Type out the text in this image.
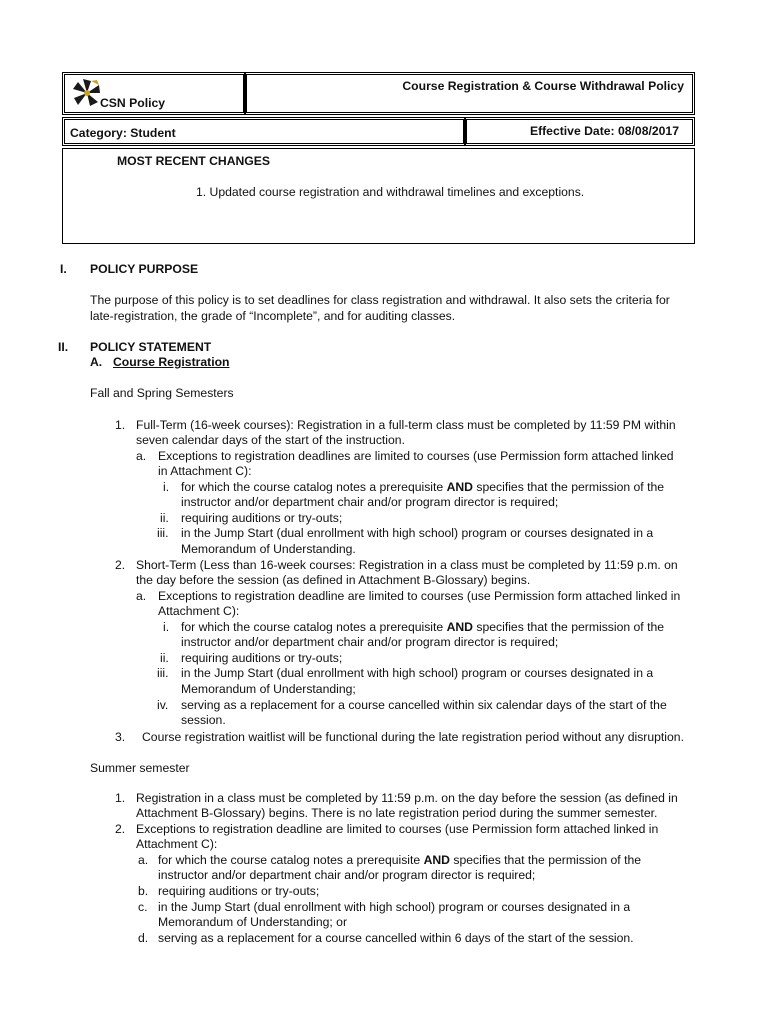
CSN Policy
Course Registration & Course Withdrawal Policy
Category: Student	Effective Date: 08/08/2017
MOST RECENT CHANGES
1. Updated course registration and withdrawal timelines and exceptions.
I. POLICY PURPOSE
The purpose of this policy is to set deadlines for class registration and withdrawal. It also sets the criteria for
late-registration, the grade of “Incomplete”, and for auditing classes.
II. POLICY STATEMENT
A. Course Registration
Fall and Spring Semesters
1. Full-Term (16-week courses): Registration in a full-term class must be completed by 11:59 PM within
seven calendar days of the start of the instruction.
a. Exceptions to registration deadlines are limited to courses (use Permission form attached linked
in Attachment C):
i. for which the course catalog notes a prerequisite AND specifies that the permission of the
instructor and/or department chair and/or program director is required;
ii. requiring auditions or try-outs;
iii. in the Jump Start (dual enrollment with high school) program or courses designated in a
Memorandum of Understanding.
2. Short-Term (Less than 16-week courses: Registration in a class must be completed by 11:59 p.m. on
the day before the session (as defined in Attachment B-Glossary) begins.
a. Exceptions to registration deadline are limited to courses (use Permission form attached linked in
Attachment C):
i. for which the course catalog notes a prerequisite AND specifies that the permission of the
instructor and/or department chair and/or program director is required;
ii. requiring auditions or try-outs;
iii. in the Jump Start (dual enrollment with high school) program or courses designated in a
Memorandum of Understanding;
iv. serving as a replacement for a course cancelled within six calendar days of the start of the
session.
3. Course registration waitlist will be functional during the late registration period without any disruption.
Summer semester
1. Registration in a class must be completed by 11:59 p.m. on the day before the session (as defined in
Attachment B-Glossary) begins. There is no late registration period during the summer semester.
2. Exceptions to registration deadline are limited to courses (use Permission form attached linked in
Attachment C):
a. for which the course catalog notes a prerequisite AND specifies that the permission of the
instructor and/or department chair and/or program director is required;
b. requiring auditions or try-outs;
c. in the Jump Start (dual enrollment with high school) program or courses designated in a
Memorandum of Understanding; or
d. serving as a replacement for a course cancelled within 6 days of the start of the session.
